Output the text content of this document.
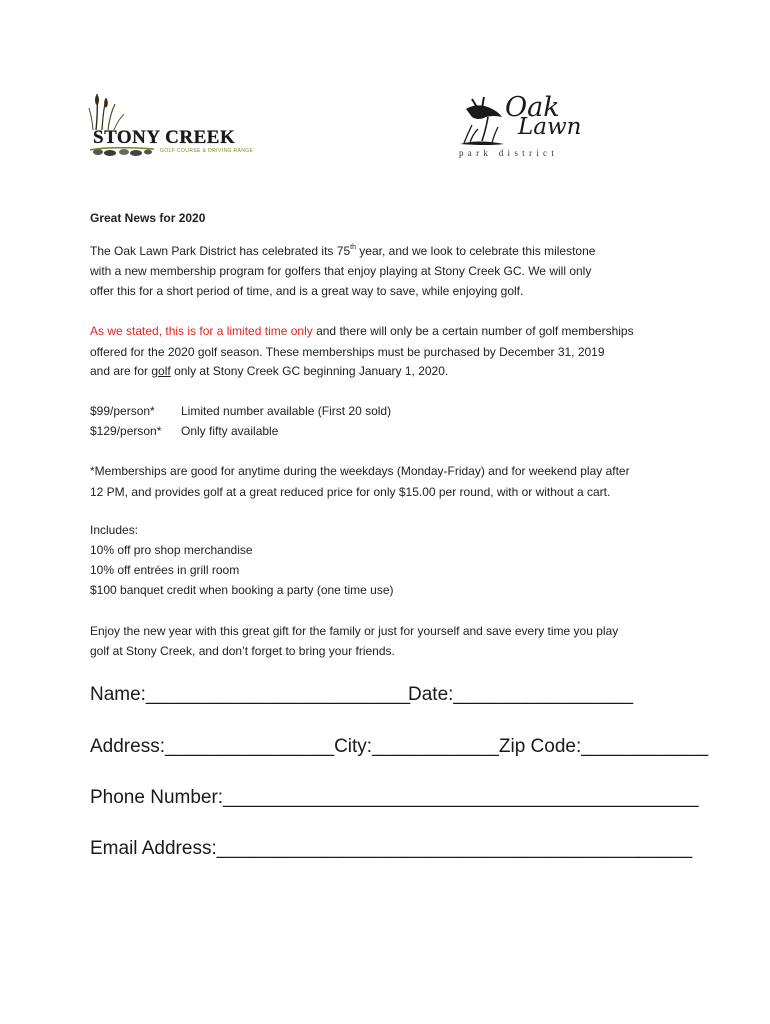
STONY CREEK
GOLF COURSE & DRIVING RANGE
Oak
Lawn
park district
Great News for 2020
The Oak Lawn Park District has celebrated its 75th year, and we look to celebrate this milestone
with a new membership program for golfers that enjoy playing at Stony Creek GC. We will only
offer this for a short period of time, and is a great way to save, while enjoying golf.
As we stated, this is for a limited time only and there will only be a certain number of golf memberships
offered for the 2020 golf season. These memberships must be purchased by December 31, 2019
and are for golf only at Stony Creek GC beginning January 1, 2020.
$99/person* Limited number available (First 20 sold)
$129/person* Only fifty available
*Memberships are good for anytime during the weekdays (Monday-Friday) and for weekend play after
12 PM, and provides golf at a great reduced price for only $15.00 per round, with or without a cart.
Includes:
10% off pro shop merchandise
10% off entrées in grill room
$100 banquet credit when booking a party (one time use)
Enjoy the new year with this great gift for the family or just for yourself and save every time you play
golf at Stony Creek, and don’t forget to bring your friends.
Name:_________________________
Date:_________________
Address:________________City:____________Zip Code:____________
Phone Number:_____________________________________________
Email Address:_____________________________________________
